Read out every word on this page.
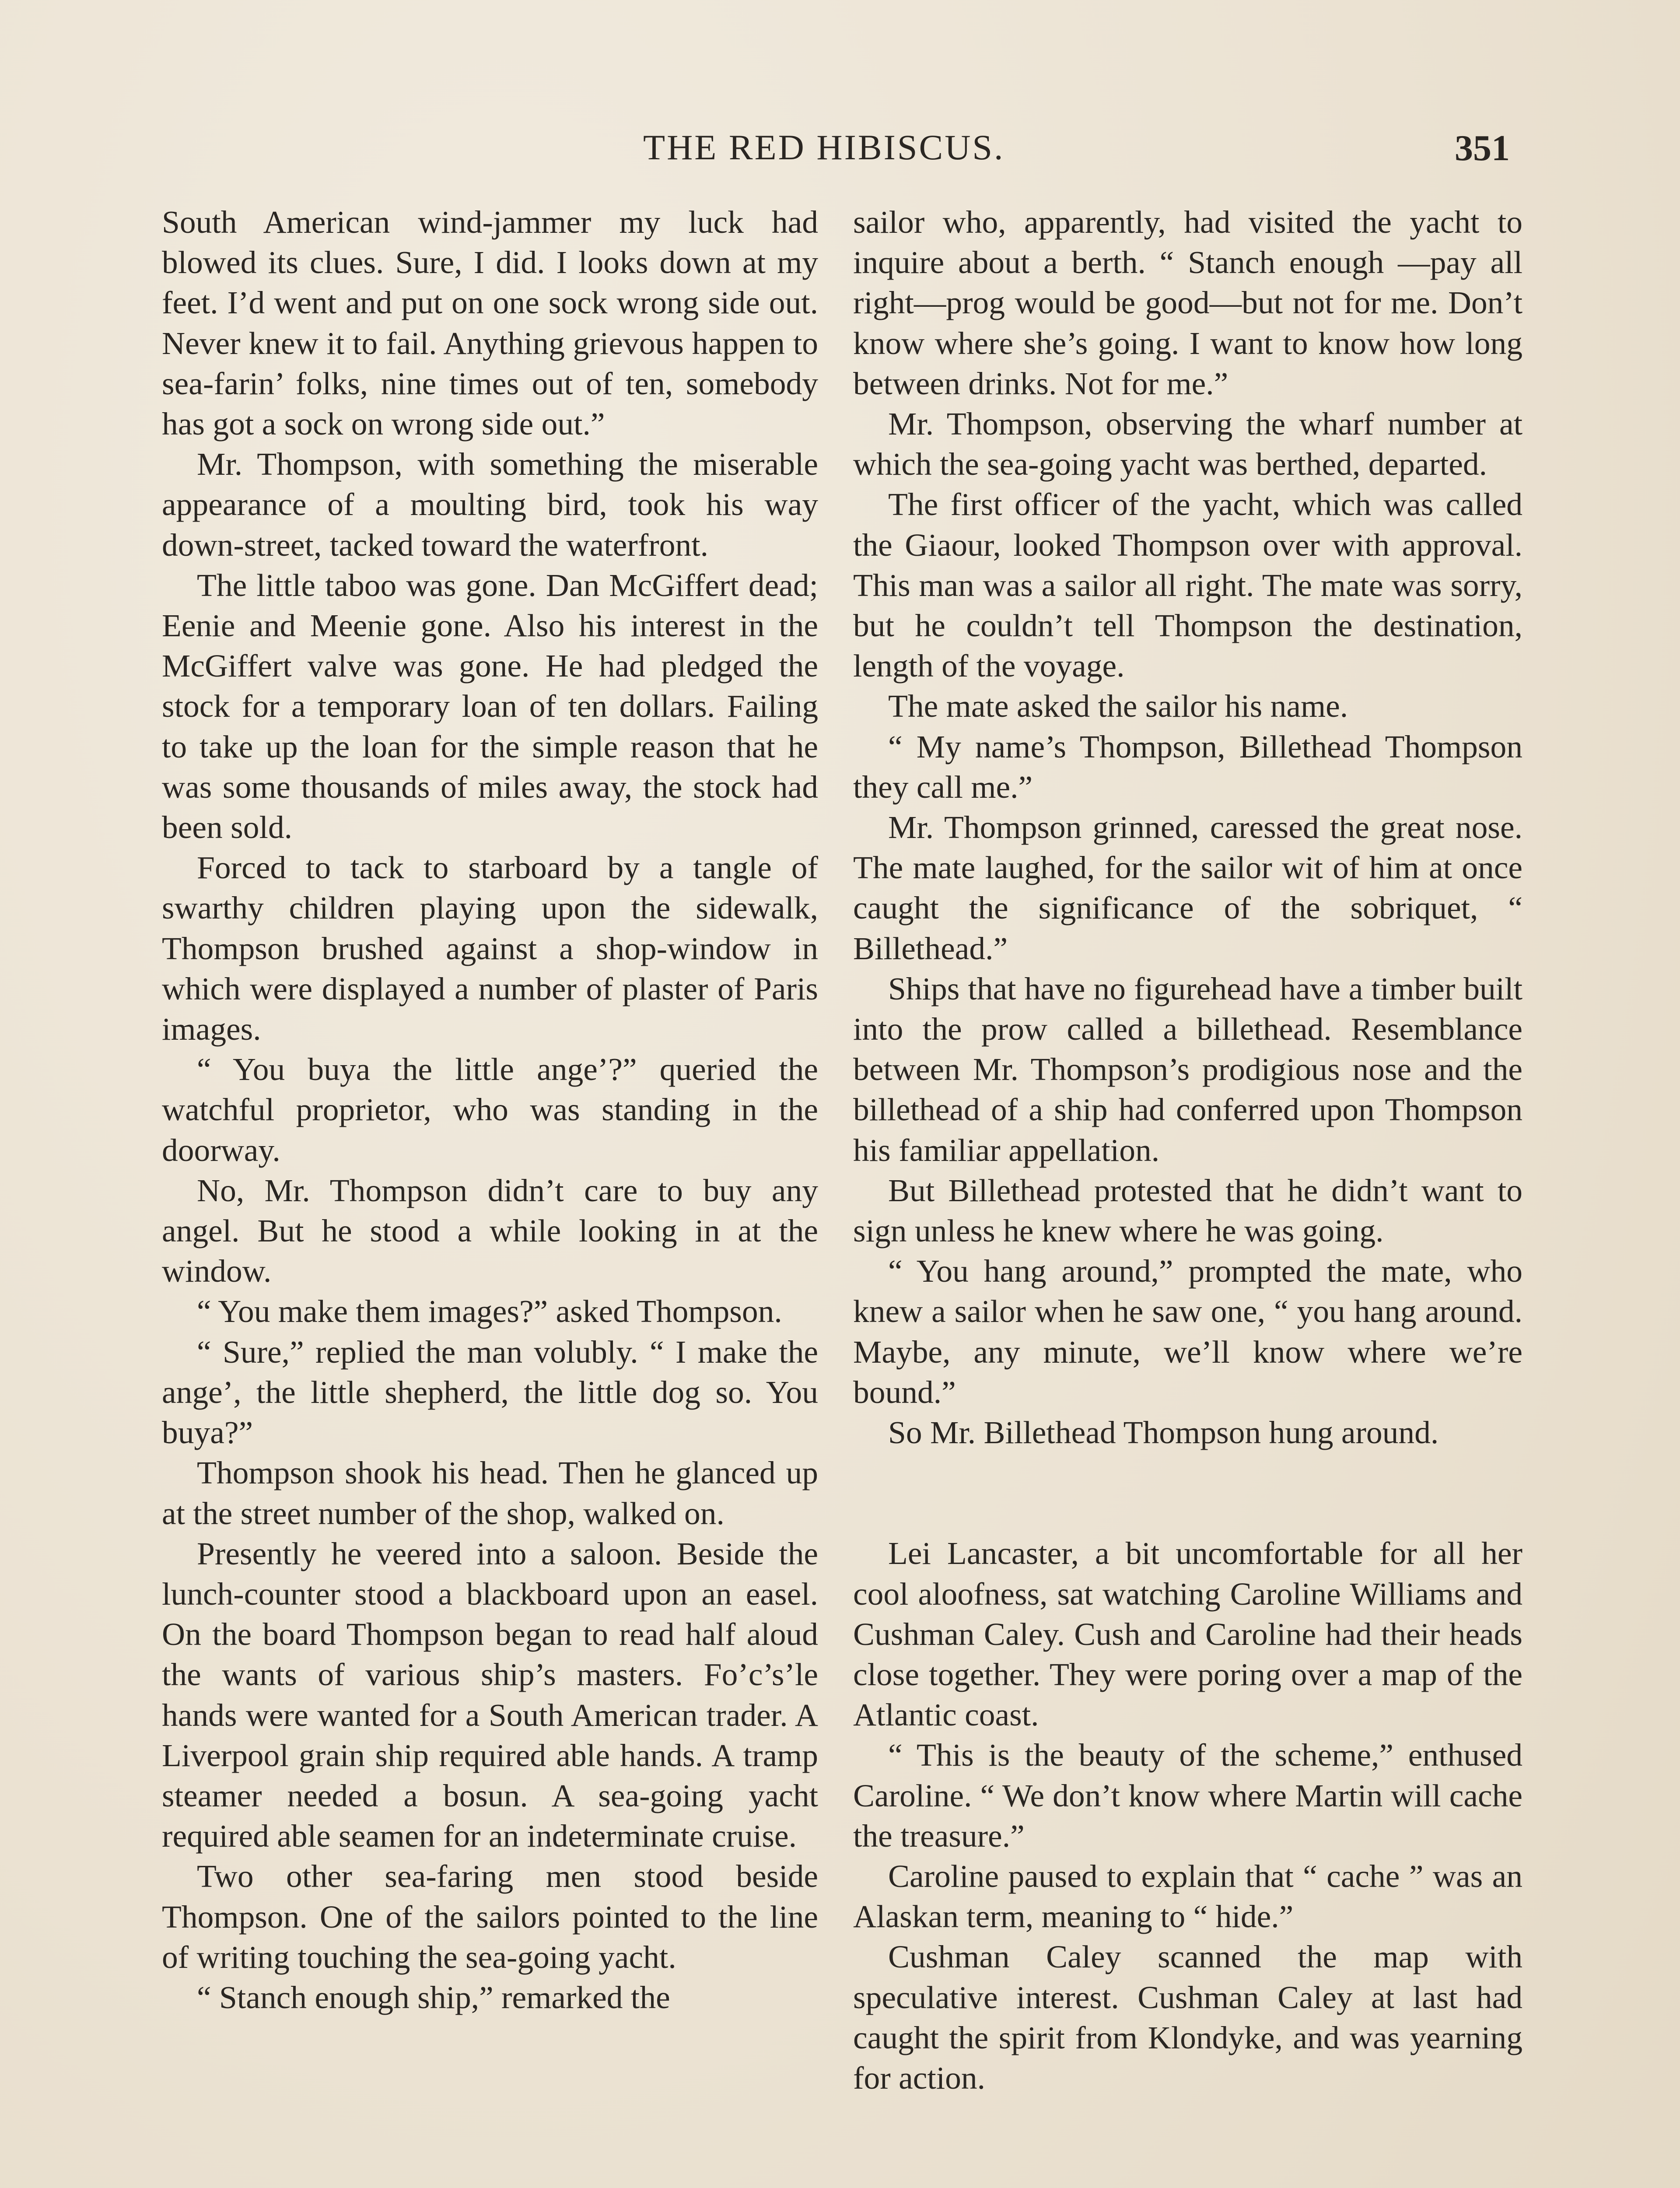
THE RED HIBISCUS.	351

South American wind-jammer my luck had blowed its clues. Sure, I did. I looks down at my feet. I’d went and put on one sock wrong side out. Never knew it to fail. Anything grievous happen to sea-farin’ folks, nine times out of ten, somebody has got a sock on wrong side out.”

Mr. Thompson, with something the miserable appearance of a moulting bird, took his way down-street, tacked toward the waterfront.

The little taboo was gone. Dan McGiffert dead; Eenie and Meenie gone. Also his interest in the McGiffert valve was gone. He had pledged the stock for a temporary loan of ten dollars. Failing to take up the loan for the simple reason that he was some thousands of miles away, the stock had been sold.

Forced to tack to starboard by a tangle of swarthy children playing upon the sidewalk, Thompson brushed against a shop-window in which were displayed a number of plaster of Paris images.

“ You buya the little ange’?” queried the watchful proprietor, who was standing in the doorway.

No, Mr. Thompson didn’t care to buy any angel. But he stood a while looking in at the window.

“ You make them images?” asked Thompson.

“ Sure,” replied the man volubly. “ I make the ange’, the little shepherd, the little dog so. You buya?”

Thompson shook his head. Then he glanced up at the street number of the shop, walked on.

Presently he veered into a saloon. Beside the lunch-counter stood a blackboard upon an easel. On the board Thompson began to read half aloud the wants of various ship’s masters. Fo’c’s’le hands were wanted for a South American trader. A Liverpool grain ship required able hands. A tramp steamer needed a bosun. A sea-going yacht required able seamen for an indeterminate cruise.

Two other sea-faring men stood beside Thompson. One of the sailors pointed to the line of writing touching the sea-going yacht.

“ Stanch enough ship,” remarked the

sailor who, apparently, had visited the yacht to inquire about a berth. “ Stanch enough —pay all right—prog would be good—but not for me. Don’t know where she’s going. I want to know how long between drinks. Not for me.”

Mr. Thompson, observing the wharf number at which the sea-going yacht was berthed, departed.

The first officer of the yacht, which was called the Giaour, looked Thompson over with approval. This man was a sailor all right. The mate was sorry, but he couldn’t tell Thompson the destination, length of the voyage.

The mate asked the sailor his name.

“ My name’s Thompson, Billethead Thompson they call me.”

Mr. Thompson grinned, caressed the great nose. The mate laughed, for the sailor wit of him at once caught the significance of the sobriquet, “ Billethead.”

Ships that have no figurehead have a timber built into the prow called a billethead. Resemblance between Mr. Thompson’s prodigious nose and the billethead of a ship had conferred upon Thompson his familiar appellation.

But Billethead protested that he didn’t want to sign unless he knew where he was going.

“ You hang around,” prompted the mate, who knew a sailor when he saw one, “ you hang around. Maybe, any minute, we’ll know where we’re bound.”

So Mr. Billethead Thompson hung around.

Lei Lancaster, a bit uncomfortable for all her cool aloofness, sat watching Caroline Williams and Cushman Caley. Cush and Caroline had their heads close together. They were poring over a map of the Atlantic coast.

“ This is the beauty of the scheme,” enthused Caroline. “ We don’t know where Martin will cache the treasure.”

Caroline paused to explain that “ cache ” was an Alaskan term, meaning to “ hide.”

Cushman Caley scanned the map with speculative interest. Cushman Caley at last had caught the spirit from Klondyke, and was yearning for action.
